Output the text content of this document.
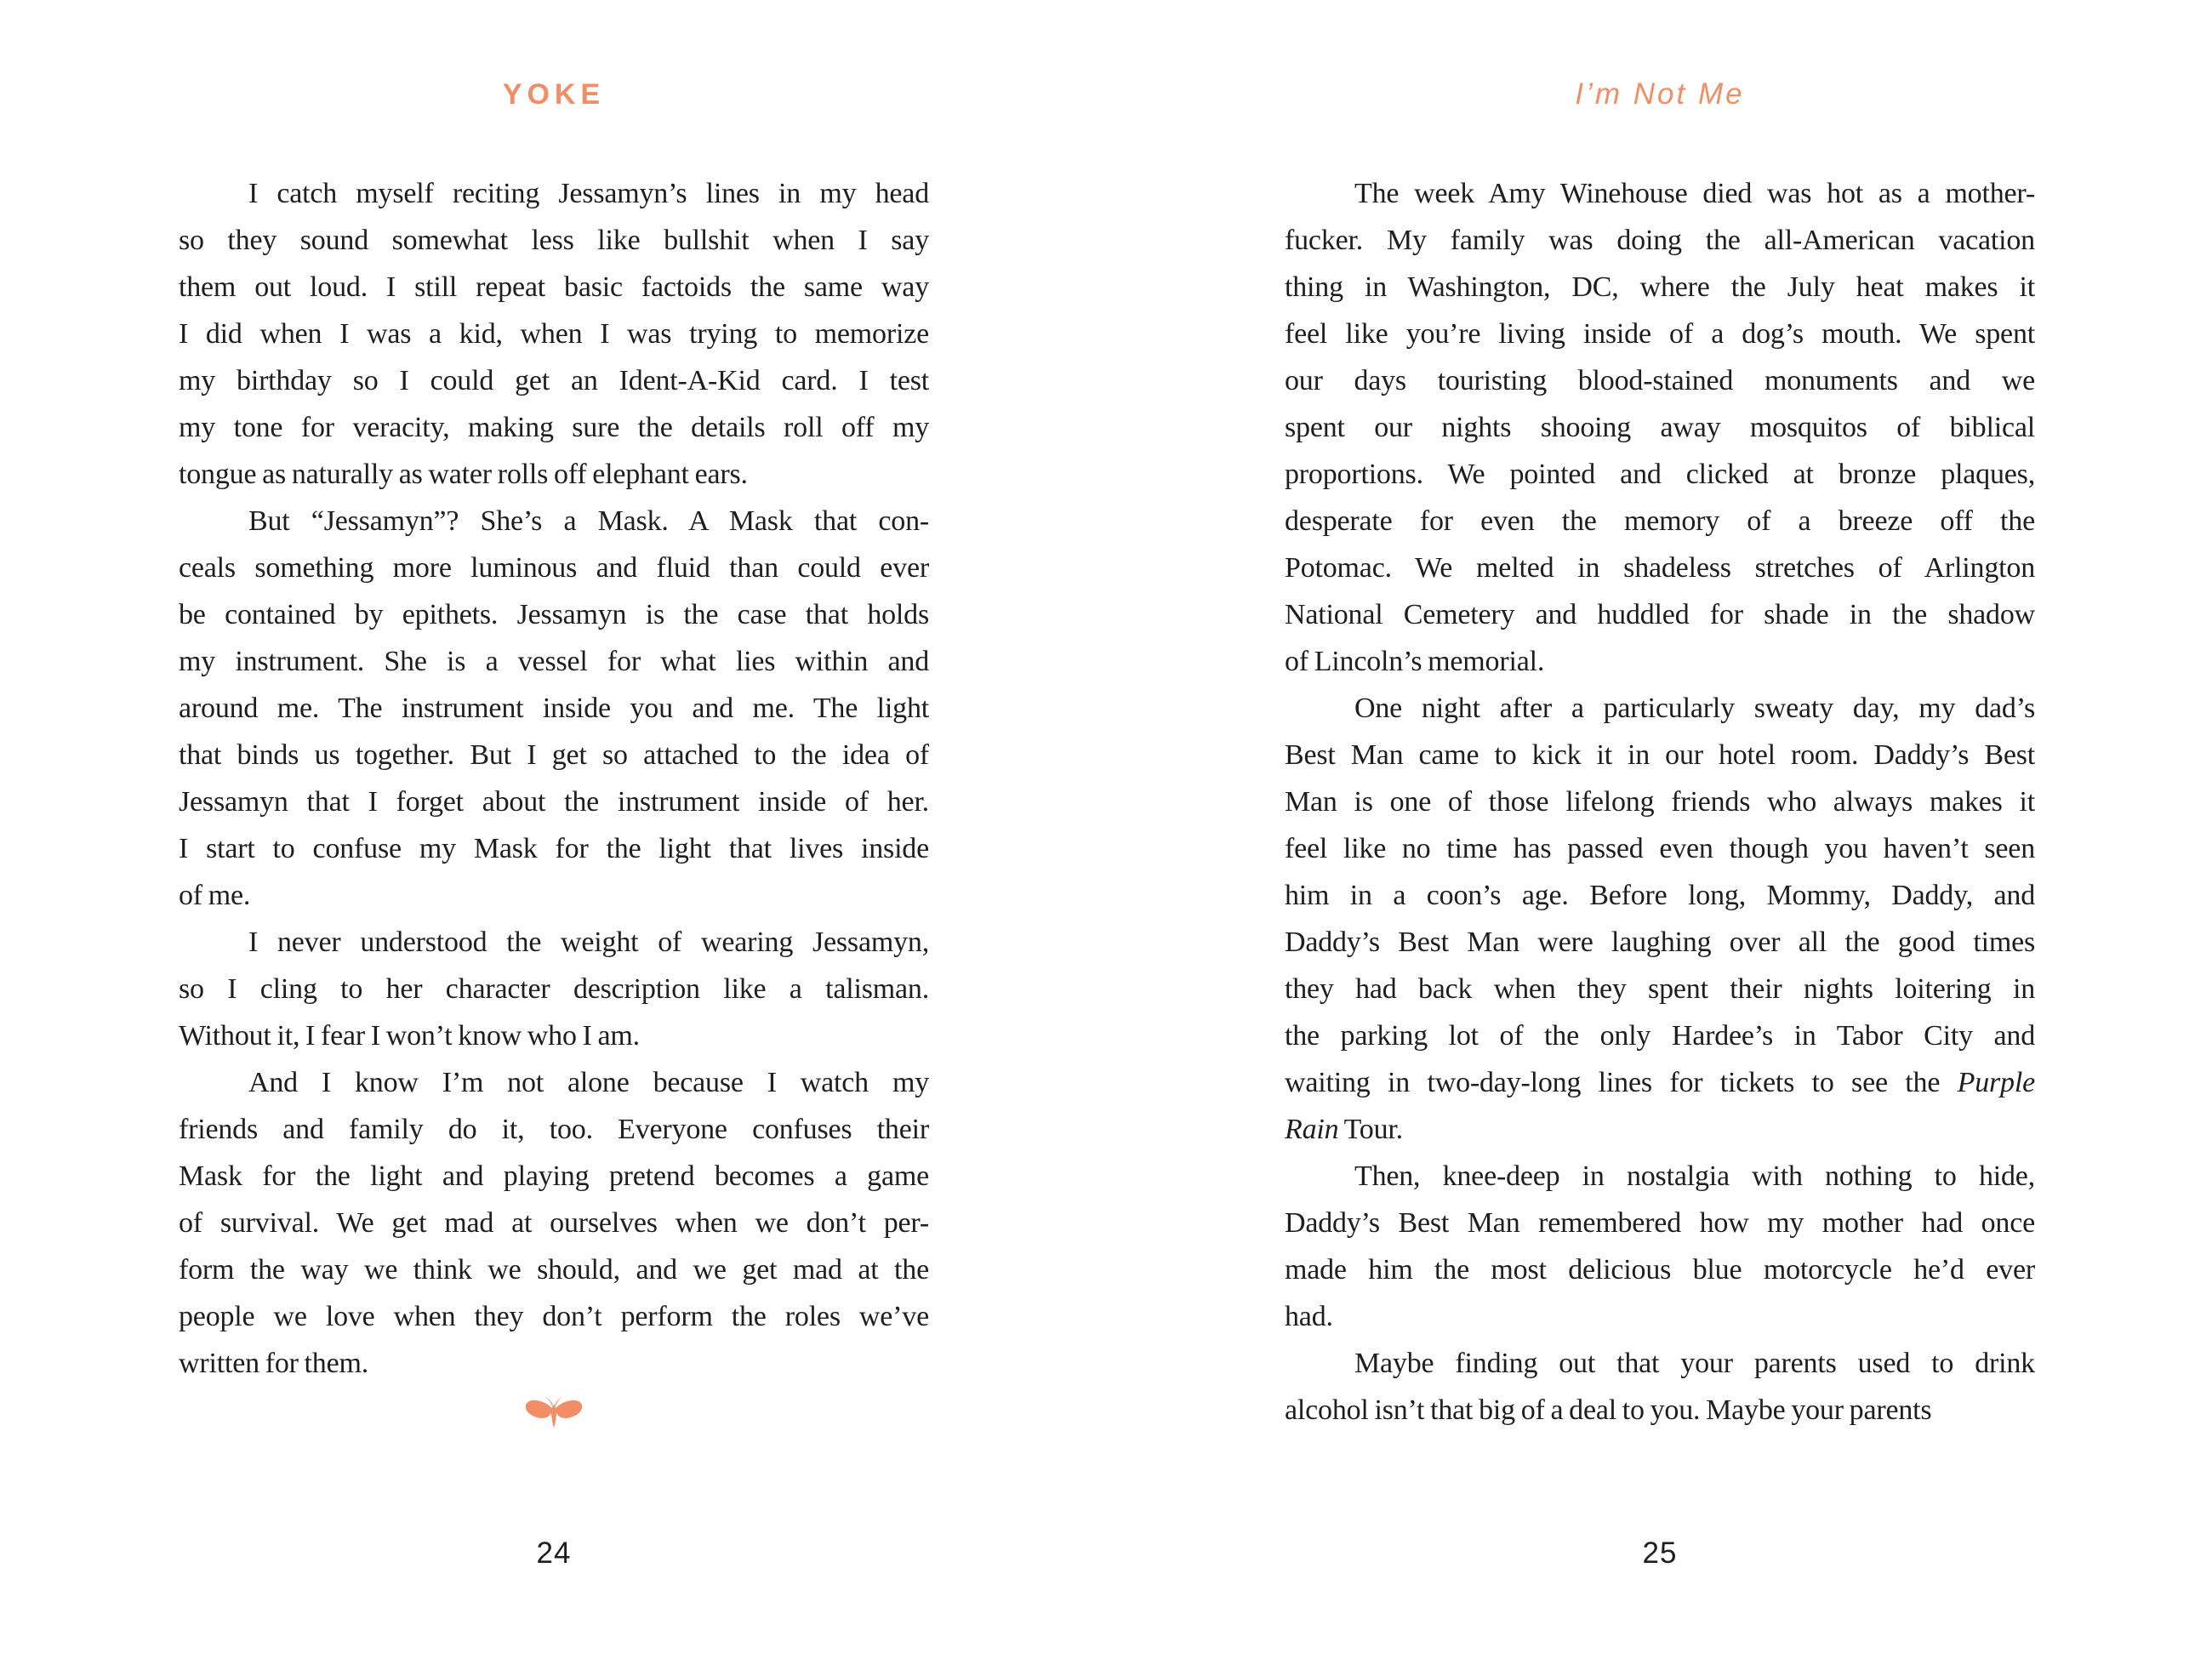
YOKE
I catch myself reciting Jessamyn’s lines in my head
so they sound somewhat less like bullshit when I say
them out loud. I still repeat basic factoids the same way
I did when I was a kid, when I was trying to memorize
my birthday so I could get an Ident-A-Kid card. I test
my tone for veracity, making sure the details roll off my
tongue as naturally as water rolls off elephant ears.
But “Jessamyn”? She’s a Mask. A Mask that con-
ceals something more luminous and fluid than could ever
be contained by epithets. Jessamyn is the case that holds
my instrument. She is a vessel for what lies within and
around me. The instrument inside you and me. The light
that binds us together. But I get so attached to the idea of
Jessamyn that I forget about the instrument inside of her.
I start to confuse my Mask for the light that lives inside
of me.
I never understood the weight of wearing Jessamyn,
so I cling to her character description like a talisman.
Without it, I fear I won’t know who I am.
And I know I’m not alone because I watch my
friends and family do it, too. Everyone confuses their
Mask for the light and playing pretend becomes a game
of survival. We get mad at ourselves when we don’t per-
form the way we think we should, and we get mad at the
people we love when they don’t perform the roles we’ve
written for them.
24
I’m Not Me
The week Amy Winehouse died was hot as a mother-
fucker. My family was doing the all-American vacation
thing in Washington, DC, where the July heat makes it
feel like you’re living inside of a dog’s mouth. We spent
our days touristing blood-stained monuments and we
spent our nights shooing away mosquitos of biblical
proportions. We pointed and clicked at bronze plaques,
desperate for even the memory of a breeze off the
Potomac. We melted in shadeless stretches of Arlington
National Cemetery and huddled for shade in the shadow
of Lincoln’s memorial.
One night after a particularly sweaty day, my dad’s
Best Man came to kick it in our hotel room. Daddy’s Best
Man is one of those lifelong friends who always makes it
feel like no time has passed even though you haven’t seen
him in a coon’s age. Before long, Mommy, Daddy, and
Daddy’s Best Man were laughing over all the good times
they had back when they spent their nights loitering in
the parking lot of the only Hardee’s in Tabor City and
waiting in two-day-long lines for tickets to see the Purple
Rain Tour.
Then, knee-deep in nostalgia with nothing to hide,
Daddy’s Best Man remembered how my mother had once
made him the most delicious blue motorcycle he’d ever
had.
Maybe finding out that your parents used to drink
alcohol isn’t that big of a deal to you. Maybe your parents
25
